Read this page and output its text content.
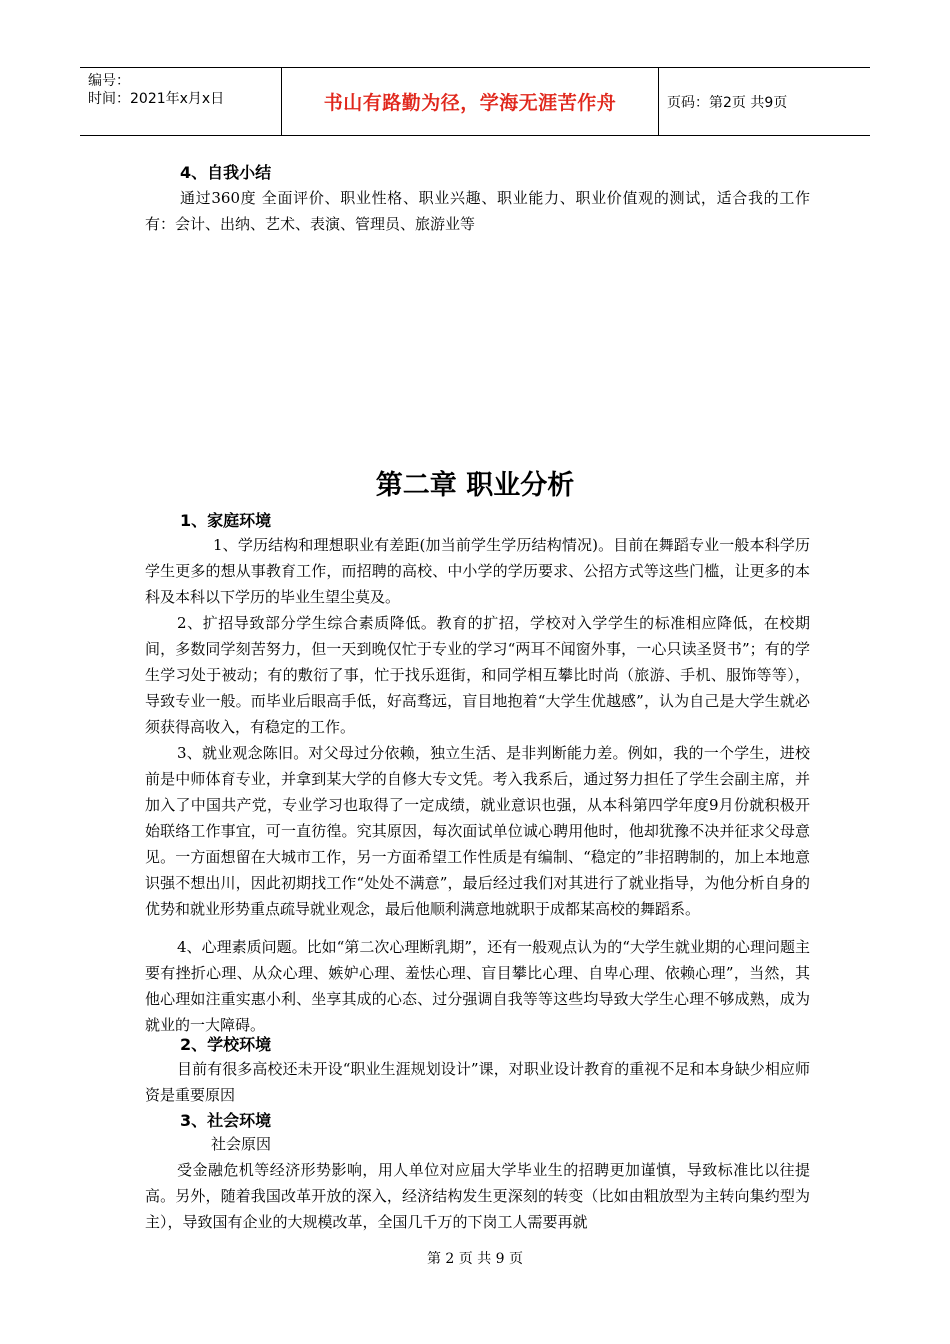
编号：
时间：2021年x月x日	书山有路勤为径，学海无涯苦作舟	页码：第2页 共9页
4、自我小结
通过360度 全面评价、职业性格、职业兴趣、职业能力、职业价值观的测试，适合我的工作有：会计、出纳、艺术、表演、管理员、旅游业等
第二章 职业分析
1、家庭环境
1、学历结构和理想职业有差距(加当前学生学历结构情况)。目前在舞蹈专业一般本科学历学生更多的想从事教育工作，而招聘的高校、中小学的学历要求、公招方式等这些门槛，让更多的本科及本科以下学历的毕业生望尘莫及。
2、扩招导致部分学生综合素质降低。教育的扩招，学校对入学学生的标准相应降低，在校期间，多数同学刻苦努力，但一天到晚仅忙于专业的学习“两耳不闻窗外事，一心只读圣贤书”；有的学生学习处于被动；有的敷衍了事，忙于找乐逛街，和同学相互攀比时尚（旅游、手机、服饰等等），导致专业一般。而毕业后眼高手低，好高骛远，盲目地抱着“大学生优越感”，认为自己是大学生就必须获得高收入，有稳定的工作。
3、就业观念陈旧。对父母过分依赖，独立生活、是非判断能力差。例如，我的一个学生，进校前是中师体育专业，并拿到某大学的自修大专文凭。考入我系后，通过努力担任了学生会副主席，并加入了中国共产党，专业学习也取得了一定成绩，就业意识也强，从本科第四学年度9月份就积极开始联络工作事宜，可一直彷徨。究其原因，每次面试单位诚心聘用他时，他却犹豫不决并征求父母意见。一方面想留在大城市工作，另一方面希望工作性质是有编制、“稳定的”非招聘制的，加上本地意识强不想出川，因此初期找工作“处处不满意”，最后经过我们对其进行了就业指导，为他分析自身的优势和就业形势重点疏导就业观念，最后他顺利满意地就职于成都某高校的舞蹈系。
4、心理素质问题。比如“第二次心理断乳期”，还有一般观点认为的“大学生就业期的心理问题主要有挫折心理、从众心理、嫉妒心理、羞怯心理、盲目攀比心理、自卑心理、依赖心理”，当然，其他心理如注重实惠小利、坐享其成的心态、过分强调自我等等这些均导致大学生心理不够成熟，成为就业的一大障碍。
2、学校环境
目前有很多高校还未开设“职业生涯规划设计”课，对职业设计教育的重视不足和本身缺少相应师资是重要原因
3、社会环境
社会原因
受金融危机等经济形势影响，用人单位对应届大学毕业生的招聘更加谨慎，导致标准比以往提高。另外，随着我国改革开放的深入，经济结构发生更深刻的转变（比如由粗放型为主转向集约型为主），导致国有企业的大规模改革，全国几千万的下岗工人需要再就
第 2 页 共 9 页
